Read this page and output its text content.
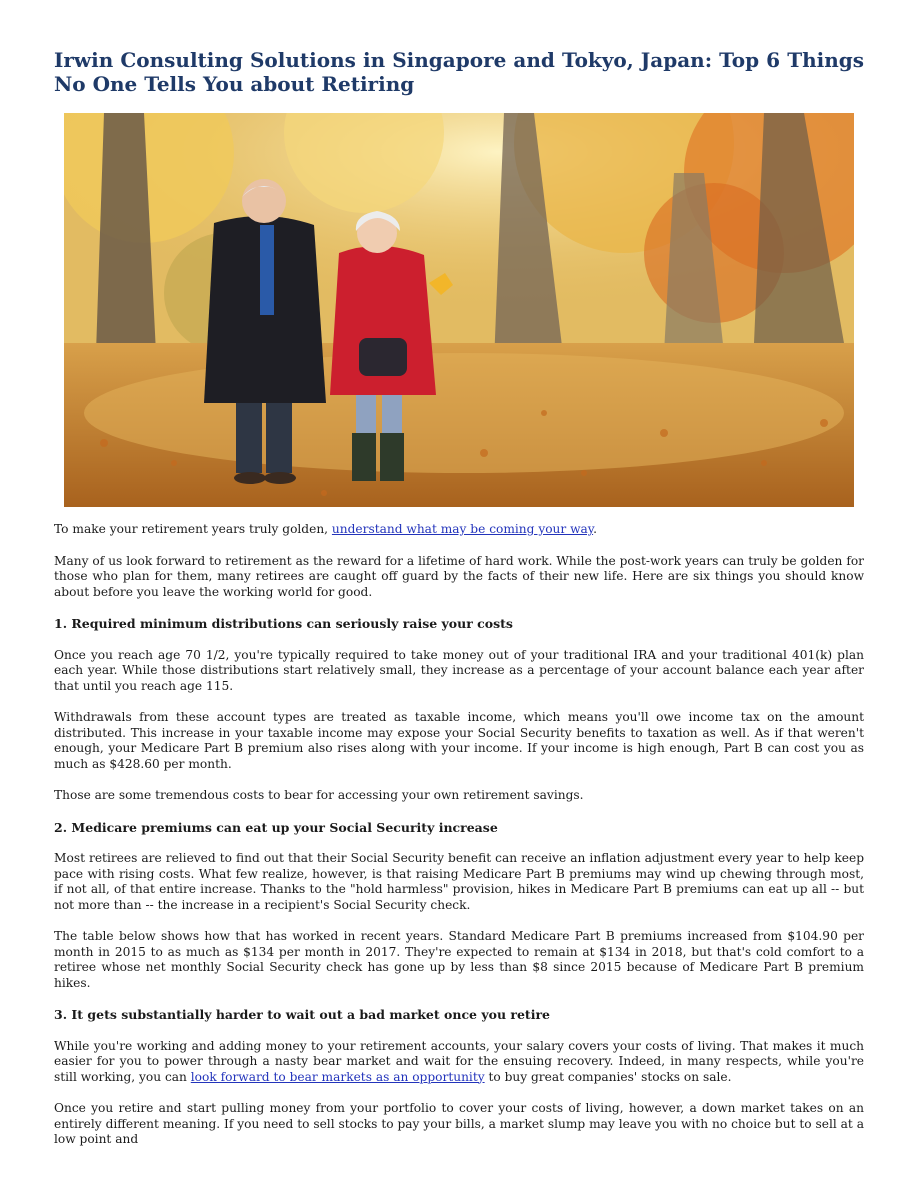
Irwin Consulting Solutions in Singapore and Tokyo, Japan: Top 6 Things No One Tells You about Retiring

To make your retirement years truly golden, understand what may be coming your way.

Many of us look forward to retirement as the reward for a lifetime of hard work. While the post-work years can truly be golden for those who plan for them, many retirees are caught off guard by the facts of their new life. Here are six things you should know about before you leave the working world for good.

1. Required minimum distributions can seriously raise your costs

Once you reach age 70 1/2, you're typically required to take money out of your traditional IRA and your traditional 401(k) plan each year. While those distributions start relatively small, they increase as a percentage of your account balance each year after that until you reach age 115.

Withdrawals from these account types are treated as taxable income, which means you'll owe income tax on the amount distributed. This increase in your taxable income may expose your Social Security benefits to taxation as well. As if that weren't enough, your Medicare Part B premium also rises along with your income. If your income is high enough, Part B can cost you as much as $428.60 per month.

Those are some tremendous costs to bear for accessing your own retirement savings.

2. Medicare premiums can eat up your Social Security increase

Most retirees are relieved to find out that their Social Security benefit can receive an inflation adjustment every year to help keep pace with rising costs. What few realize, however, is that raising Medicare Part B premiums may wind up chewing through most, if not all, of that entire increase. Thanks to the "hold harmless" provision, hikes in Medicare Part B premiums can eat up all -- but not more than -- the increase in a recipient's Social Security check.

The table below shows how that has worked in recent years. Standard Medicare Part B premiums increased from $104.90 per month in 2015 to as much as $134 per month in 2017. They're expected to remain at $134 in 2018, but that's cold comfort to a retiree whose net monthly Social Security check has gone up by less than $8 since 2015 because of Medicare Part B premium hikes.

3. It gets substantially harder to wait out a bad market once you retire

While you're working and adding money to your retirement accounts, your salary covers your costs of living. That makes it much easier for you to power through a nasty bear market and wait for the ensuing recovery. Indeed, in many respects, while you're still working, you can look forward to bear markets as an opportunity to buy great companies' stocks on sale.

Once you retire and start pulling money from your portfolio to cover your costs of living, however, a down market takes on an entirely different meaning. If you need to sell stocks to pay your bills, a market slump may leave you with no choice but to sell at a low point and
